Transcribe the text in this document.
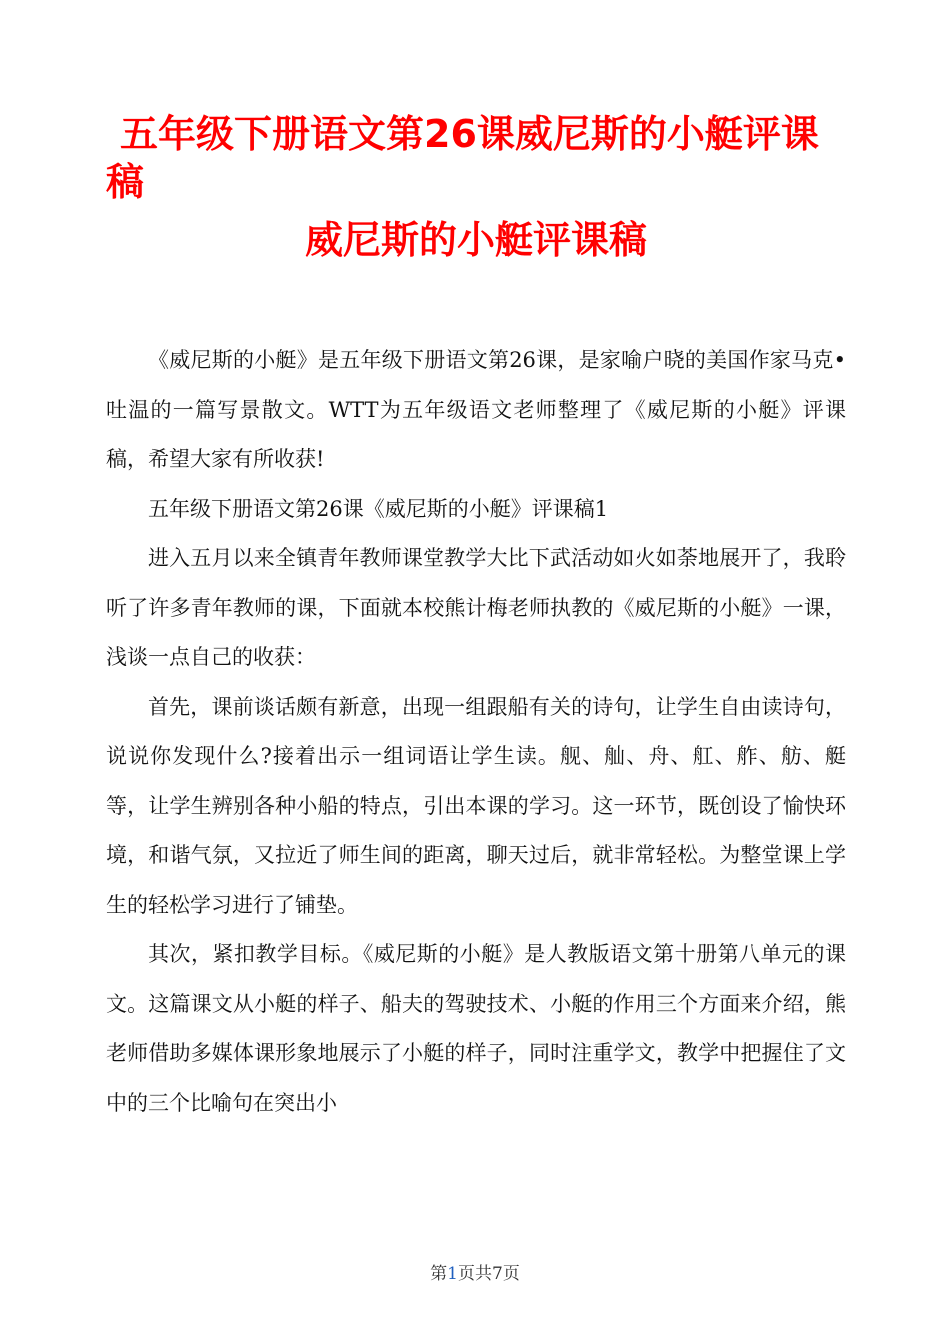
五年级下册语文第26课威尼斯的小艇评课稿
威尼斯的小艇评课稿

《威尼斯的小艇》是五年级下册语文第26课，是家喻户晓的美国作家马克•吐温的一篇写景散文。WTT为五年级语文老师整理了《威尼斯的小艇》评课稿，希望大家有所收获!

五年级下册语文第26课《威尼斯的小艇》评课稿1

进入五月以来全镇青年教师课堂教学大比下武活动如火如荼地展开了，我聆听了许多青年教师的课，下面就本校熊计梅老师执教的《威尼斯的小艇》一课，浅谈一点自己的收获：

首先，课前谈话颇有新意，出现一组跟船有关的诗句，让学生自由读诗句，说说你发现什么?接着出示一组词语让学生读。舰、舢、舟、舡、舴、舫、艇等，让学生辨别各种小船的特点，引出本课的学习。这一环节，既创设了愉快环境，和谐气氛，又拉近了师生间的距离，聊天过后，就非常轻松。为整堂课上学生的轻松学习进行了铺垫。

其次，紧扣教学目标。《威尼斯的小艇》是人教版语文第十册第八单元的课文。这篇课文从小艇的样子、船夫的驾驶技术、小艇的作用三个方面来介绍，熊老师借助多媒体课形象地展示了小艇的样子，同时注重学文，教学中把握住了文中的三个比喻句在突出小

第1页共7页
